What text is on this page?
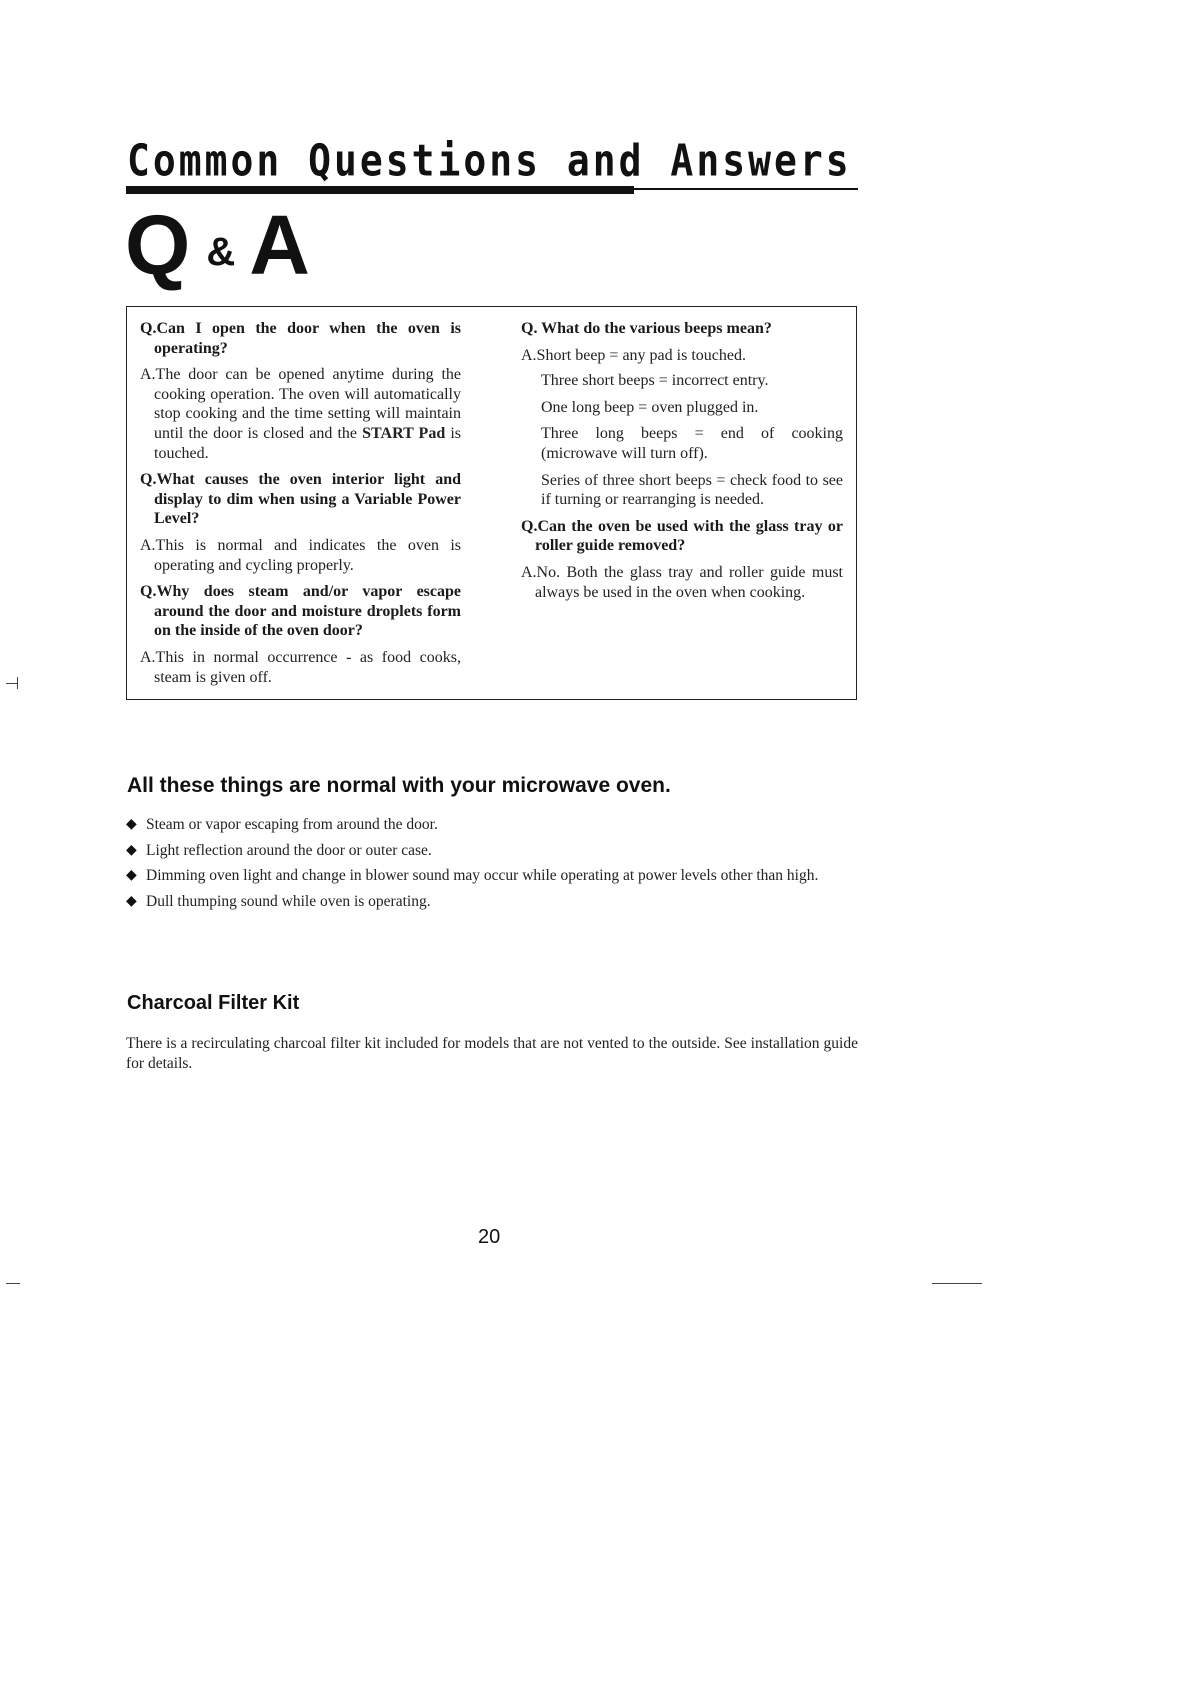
Common Questions and Answers
Q & A

Q.Can I open the door when the oven is operating?

A.The door can be opened anytime during the cooking operation. The oven will automatically stop cooking and the time setting will maintain until the door is closed and the START Pad is touched.

Q.What causes the oven interior light and display to dim when using a Variable Power Level?

A.This is normal and indicates the oven is operating and cycling properly.

Q.Why does steam and/or vapor escape around the door and moisture droplets form on the inside of the oven door?

A.This in normal occurrence - as food cooks, steam is given off.

Q. What do the various beeps mean?

A.Short beep = any pad is touched.

Three short beeps = incorrect entry.

One long beep = oven plugged in.

Three long beeps = end of cooking (microwave will turn off).

Series of three short beeps = check food to see if turning or rearranging is needed.

Q.Can the oven be used with the glass tray or roller guide removed?

A.No. Both the glass tray and roller guide must always be used in the oven when cooking.

All these things are normal with your microwave oven.
◆ Steam or vapor escaping from around the door.
◆ Light reflection around the door or outer case.
◆ Dimming oven light and change in blower sound may occur while operating at power levels other than high.
◆ Dull thumping sound while oven is operating.
Charcoal Filter Kit

There is a recirculating charcoal filter kit included for models that are not vented to the outside. See installation guide for details.

20
